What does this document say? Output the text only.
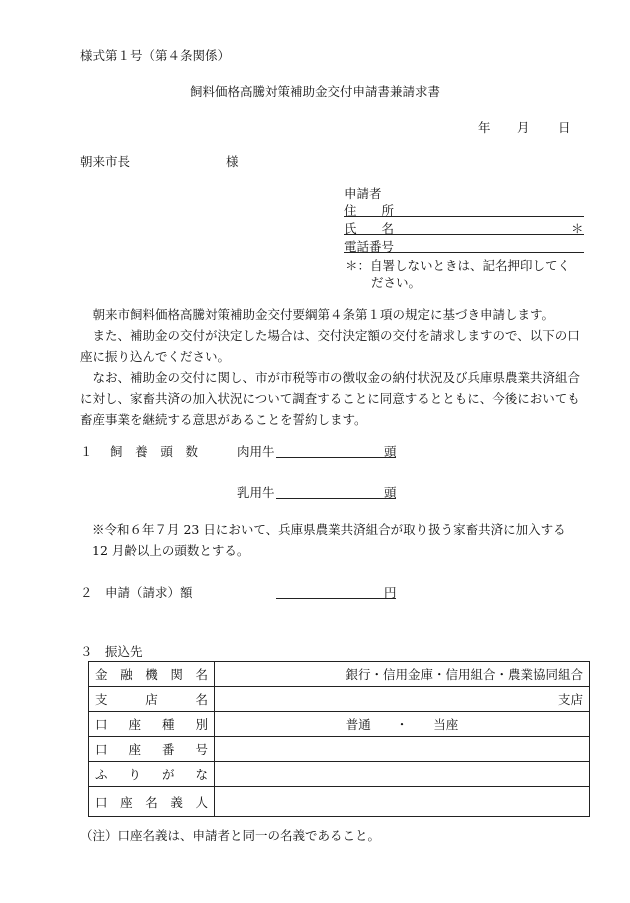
様式第１号（第４条関係）
飼料価格高騰対策補助金交付申請書兼請求書
年 月 日
朝来市長	様
申請者
住　　所
氏　　名	＊
電話番号
＊：自署しないときは、記名押印してく
ださい。

朝来市飼料価格高騰対策補助金交付要綱第４条第１項の規定に基づき申請します。

また、補助金の交付が決定した場合は、交付決定額の交付を請求しますので、以下の口座に振り込んでください。

なお、補助金の交付に関し、市が市税等市の徴収金の納付状況及び兵庫県農業共済組合に対し、家畜共済の加入状況について調査することに同意するとともに、今後においても畜産事業を継続する意思があることを誓約します。

１ 飼 養 頭 数	肉用牛	頭
乳用牛	頭
※令和６年７月 23 日において、兵庫県農業共済組合が取り扱う家畜共済に加入する
12 月齢以上の頭数とする。
２ 申請（請求）額	円
３　振込先
金 融 機 関 名	銀行・信用金庫・信用組合・農業協同組合

支 店 名	支店

口 座 種 別	普通　　・　　当座

口 座 番 号	

ふ り が な	

口 座 名 義 人	

（注）口座名義は、申請者と同一の名義であること。
